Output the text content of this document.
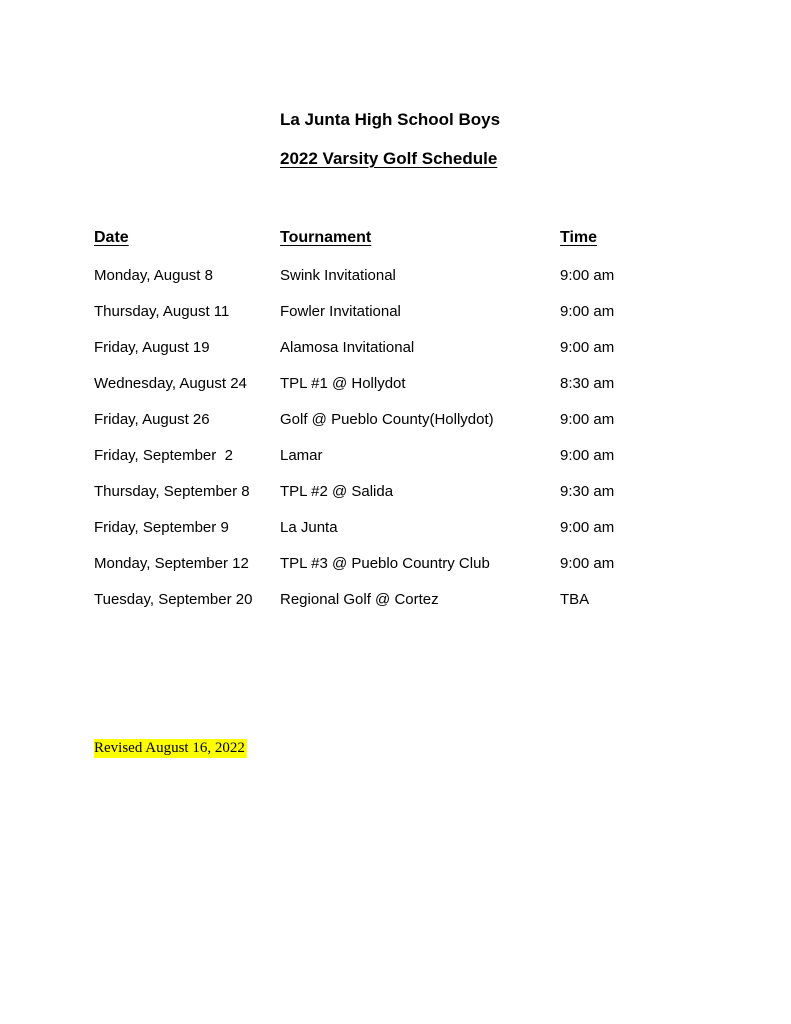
La Junta High School Boys

2022 Varsity Golf Schedule

Date	Tournament	Time
Monday, August 8	Swink Invitational	9:00 am
Thursday, August 11	Fowler Invitational	9:00 am
Friday, August 19	Alamosa Invitational	9:00 am
Wednesday, August 24	TPL #1 @ Hollydot	8:30 am
Friday, August 26	Golf @ Pueblo County(Hollydot)	9:00 am
Friday, September  2	Lamar	9:00 am
Thursday, September 8	TPL #2 @ Salida	9:30 am
Friday, September 9	La Junta	9:00 am
Monday, September 12	TPL #3 @ Pueblo Country Club	9:00 am
Tuesday, September 20	Regional Golf @ Cortez	TBA
Revised August 16, 2022
